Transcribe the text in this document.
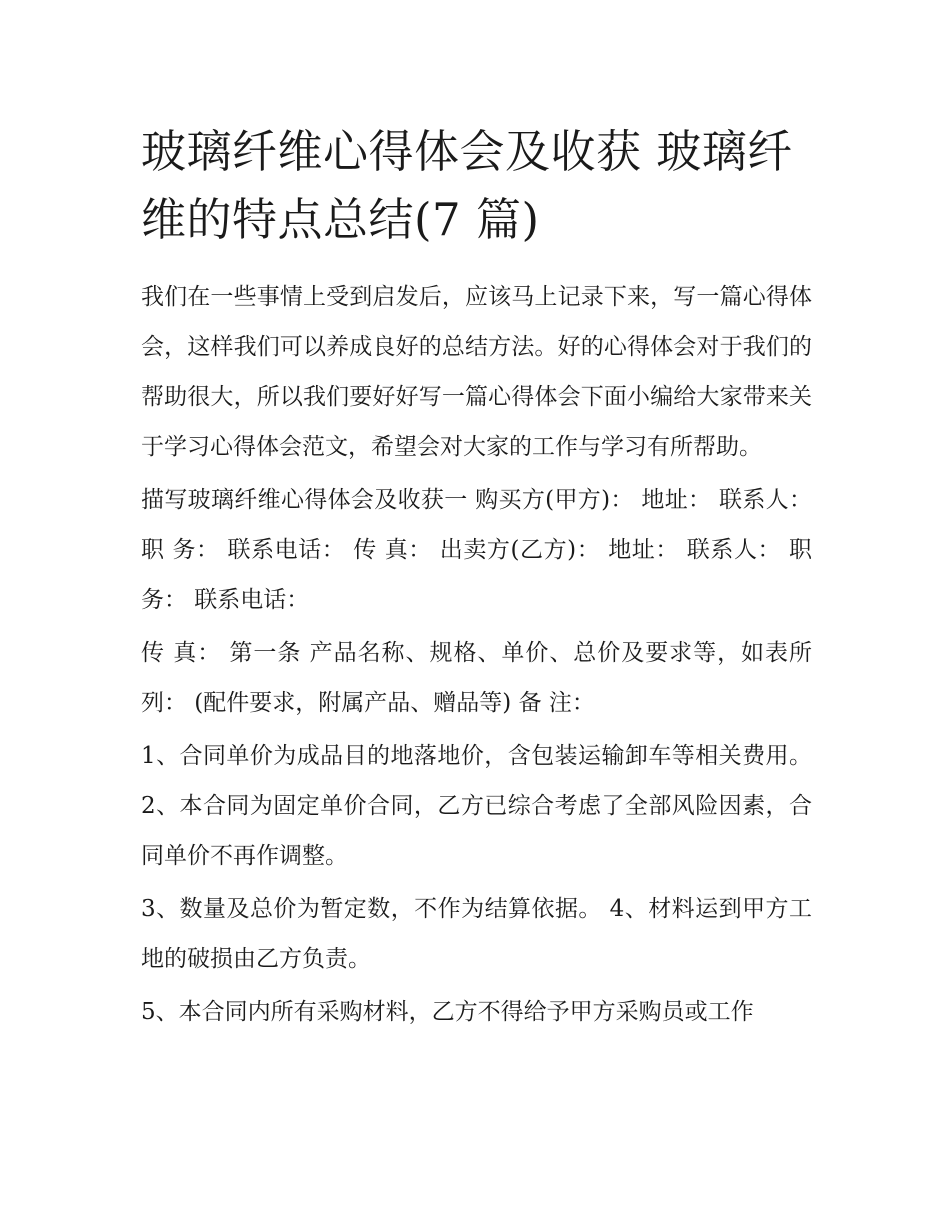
玻璃纤维心得体会及收获 玻璃纤维的特点总结(7 篇)

我们在一些事情上受到启发后，应该马上记录下来，写一篇心得体会，这样我们可以养成良好的总结方法。好的心得体会对于我们的帮助很大，所以我们要好好写一篇心得体会下面小编给大家带来关于学习心得体会范文，希望会对大家的工作与学习有所帮助。

描写玻璃纤维心得体会及收获一 购买方(甲方)： 地址： 联系人： 职 务： 联系电话： 传 真： 出卖方(乙方)： 地址： 联系人： 职 务： 联系电话：

传 真： 第一条 产品名称、规格、单价、总价及要求等，如表所列： (配件要求，附属产品、赠品等) 备 注：

1、合同单价为成品目的地落地价，含包装运输卸车等相关费用。 2、本合同为固定单价合同，乙方已综合考虑了全部风险因素，合同单价不再作调整。

3、数量及总价为暂定数，不作为结算依据。 4、材料运到甲方工地的破损由乙方负责。

5、本合同内所有采购材料，乙方不得给予甲方采购员或工作
